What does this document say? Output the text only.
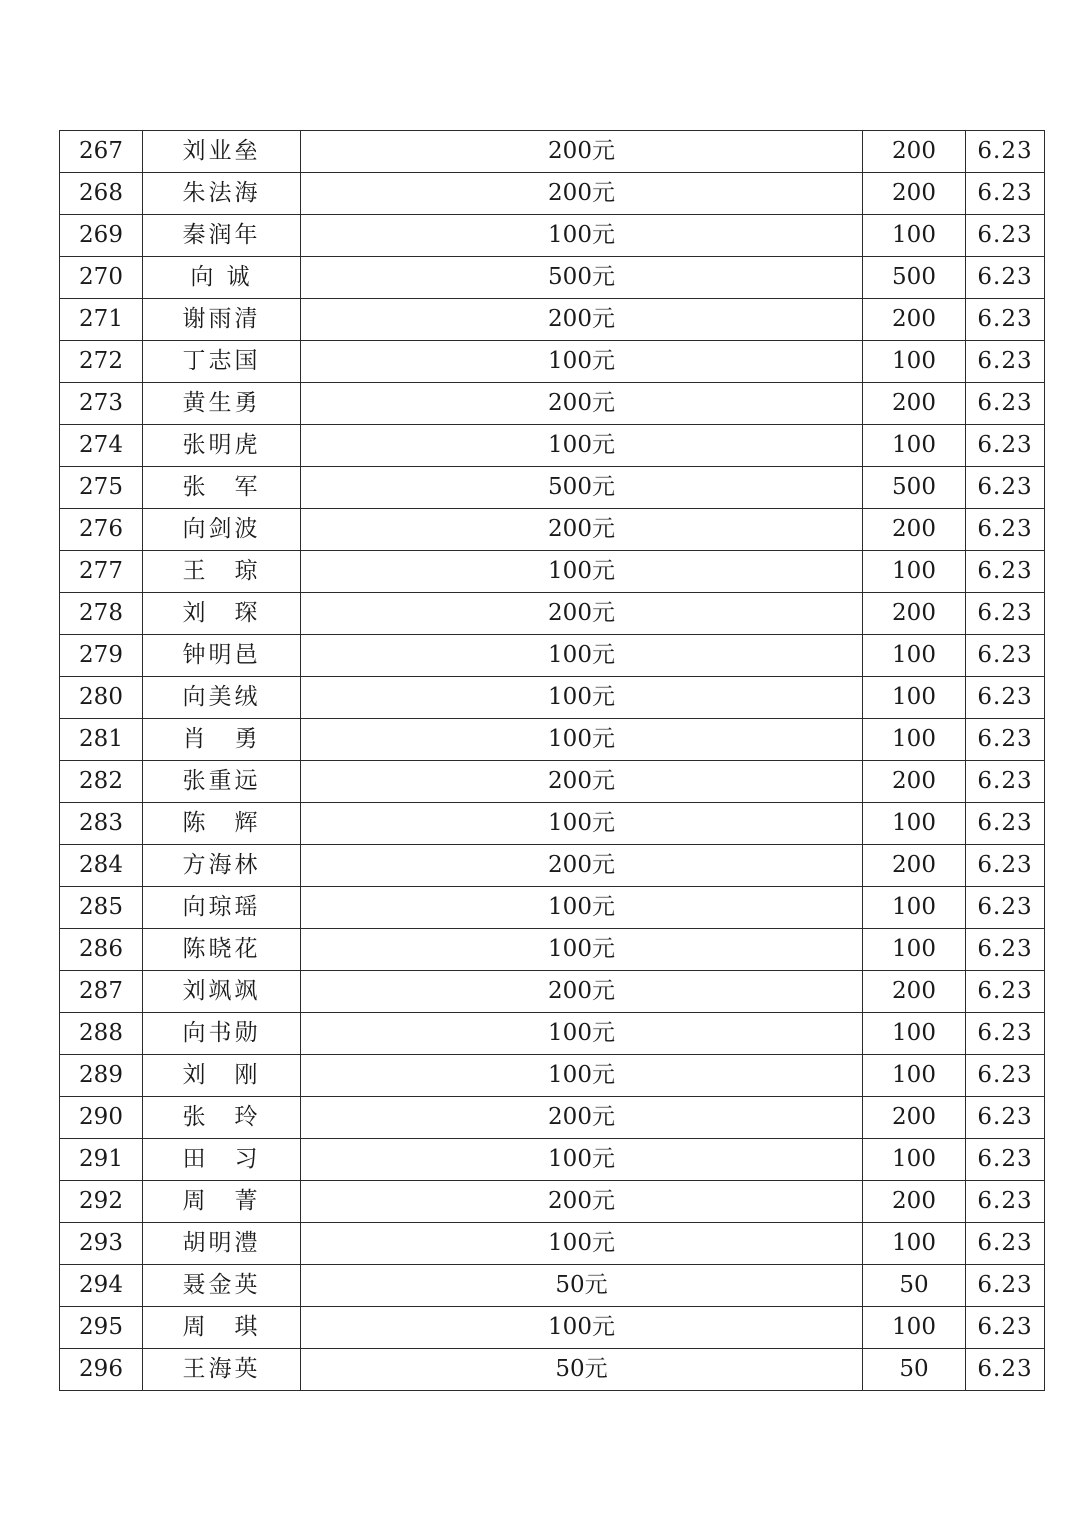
267	刘业垒	200元	200	6.23
268	朱法海	200元	200	6.23
269	秦润年	100元	100	6.23
270	向 诚	500元	500	6.23
271	谢雨清	200元	200	6.23
272	丁志国	100元	100	6.23
273	黄生勇	200元	200	6.23
274	张明虎	100元	100	6.23
275	张　军	500元	500	6.23
276	向剑波	200元	200	6.23
277	王　琼	100元	100	6.23
278	刘　琛	200元	200	6.23
279	钟明邑	100元	100	6.23
280	向美绒	100元	100	6.23
281	肖　勇	100元	100	6.23
282	张重远	200元	200	6.23
283	陈　辉	100元	100	6.23
284	方海林	200元	200	6.23
285	向琼瑶	100元	100	6.23
286	陈晓花	100元	100	6.23
287	刘飒飒	200元	200	6.23
288	向书勋	100元	100	6.23
289	刘　刚	100元	100	6.23
290	张　玲	200元	200	6.23
291	田　习	100元	100	6.23
292	周　菁	200元	200	6.23
293	胡明澧	100元	100	6.23
294	聂金英	50元	50	6.23
295	周　琪	100元	100	6.23
296	王海英	50元	50	6.23
